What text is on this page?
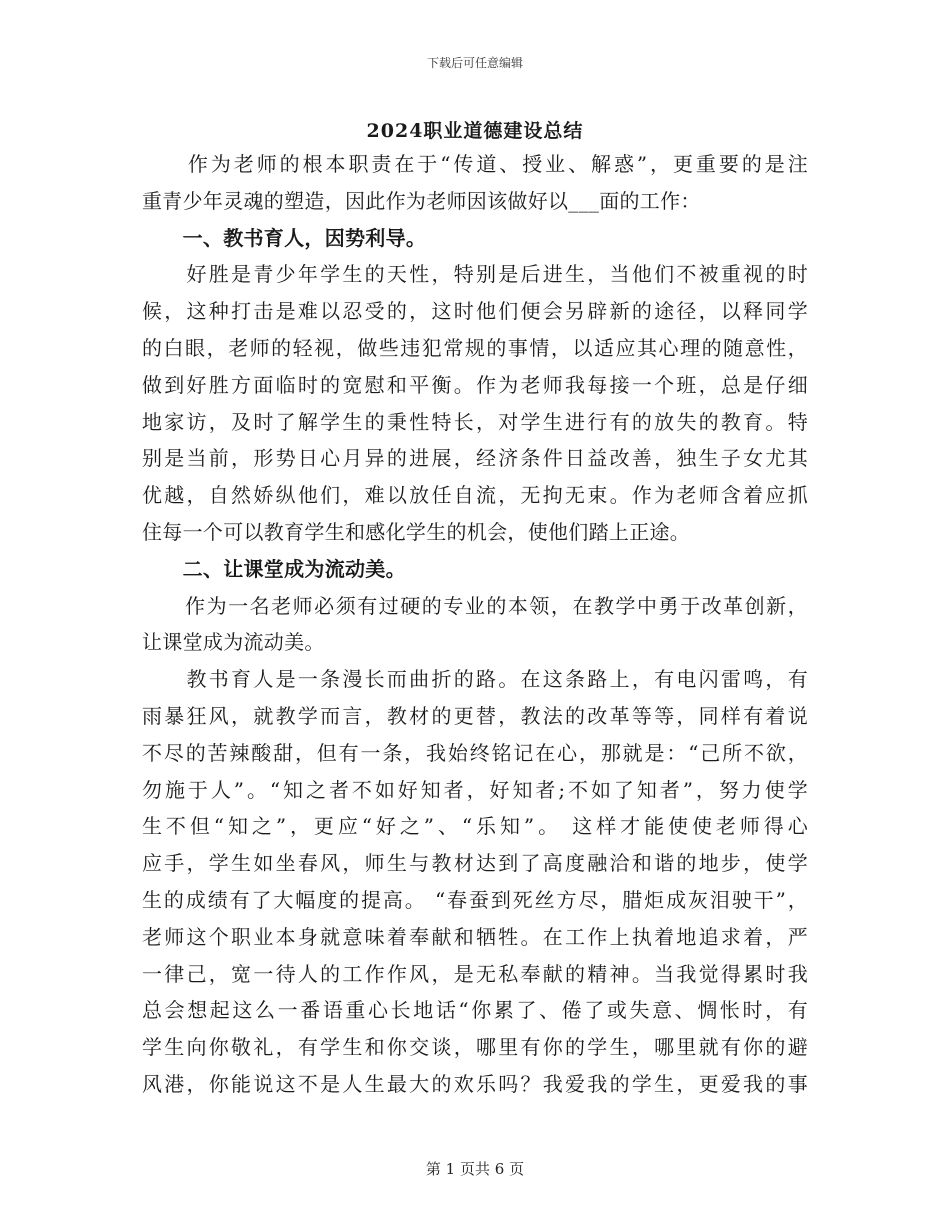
下载后可任意编辑
2024职业道德建设总结
　　作为老师的根本职责在于“传道、授业、解惑”，更重要的是注
重青少年灵魂的塑造，因此作为老师因该做好以___面的工作：
　　一、教书育人，因势利导。
　　好胜是青少年学生的天性，特别是后进生，当他们不被重视的时
候，这种打击是难以忍受的，这时他们便会另辟新的途径，以释同学
的白眼，老师的轻视，做些违犯常规的事情，以适应其心理的随意性，
做到好胜方面临时的宽慰和平衡。作为老师我每接一个班，总是仔细
地家访，及时了解学生的秉性特长，对学生进行有的放失的教育。特
别是当前，形势日心月异的进展，经济条件日益改善，独生子女尤其
优越，自然娇纵他们，难以放任自流，无拘无束。作为老师含着应抓
住每一个可以教育学生和感化学生的机会，使他们踏上正途。
　　二、让课堂成为流动美。
　　作为一名老师必须有过硬的专业的本领，在教学中勇于改革创新，
让课堂成为流动美。
　　教书育人是一条漫长而曲折的路。在这条路上，有电闪雷鸣，有
雨暴狂风，就教学而言，教材的更替，教法的改革等等，同样有着说
不尽的苦辣酸甜，但有一条，我始终铭记在心，那就是：“己所不欲，
勿施于人”。“知之者不如好知者，好知者;不如了知者”，努力使学
生不但“知之”，更应“好之”、“乐知”。 这样才能使使老师得心
应手，学生如坐春风，师生与教材达到了高度融洽和谐的地步，使学
生的成绩有了大幅度的提高。 “春蚕到死丝方尽，腊炬成灰泪驶干”，
老师这个职业本身就意味着奉献和牺牲。在工作上执着地追求着，严
一律己，宽一待人的工作作风，是无私奉献的精神。当我觉得累时我
总会想起这么一番语重心长地话“你累了、倦了或失意、惆怅时，有
学生向你敬礼，有学生和你交谈，哪里有你的学生，哪里就有你的避
风港，你能说这不是人生最大的欢乐吗？我爱我的学生，更爱我的事
第 1 页共 6 页
